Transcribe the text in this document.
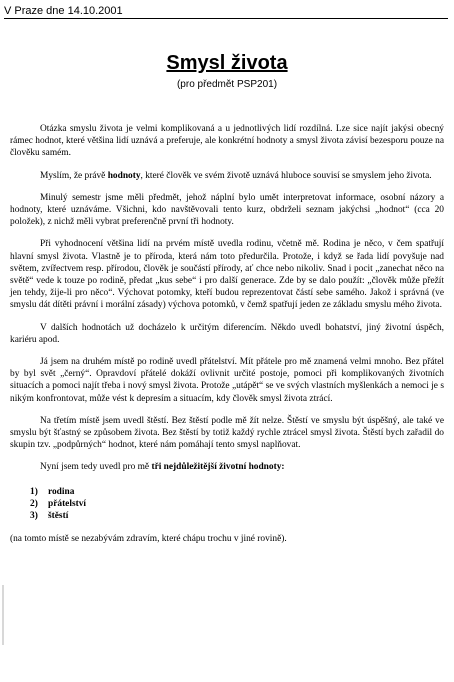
V Praze dne 14.10.2001
Smysl života
(pro předmět PSP201)

Otázka smyslu života je velmi komplikovaná a u jednotlivých lidí rozdílná. Lze sice najít jakýsi obecný rámec hodnot, které většina lidí uznává a preferuje, ale konkrétní hodnoty a smysl života závisí bezesporu pouze na člověku samém.

Myslím, že právě hodnoty, které člověk ve svém životě uznává hluboce souvisí se smyslem jeho života.

Minulý semestr jsme měli předmět, jehož náplní bylo umět interpretovat informace, osobní názory a hodnoty, které uznáváme. Všichni, kdo navštěvovali tento kurz, obdrželi seznam jakýchsi „hodnot“ (cca 20 položek), z nichž měli vybrat preferenčně první tři hodnoty.

Při vyhodnocení většina lidí na prvém místě uvedla rodinu, včetně mě. Rodina je něco, v čem spatřují hlavní smysl života. Vlastně je to příroda, která nám toto předurčila. Protože, i když se řada lidí povyšuje nad světem, zvířectvem resp. přírodou, člověk je součástí přírody, ať chce nebo nikoliv. Snad i pocit „zanechat něco na světě“ vede k touze po rodině, předat „kus sebe“ i pro další generace. Zde by se dalo použít: „člověk může přežít jen tehdy, žije-li pro něco“. Výchovat potomky, kteří budou reprezentovat částí sebe samého. Jakož i správná (ve smyslu dát dítěti právní i morální zásady) výchova potomků, v čemž spatřují jeden ze základu smyslu mého života.

V dalších hodnotách už docházelo k určitým diferencím. Někdo uvedl bohatství, jiný životní úspěch, kariéru apod.

Já jsem na druhém místě po rodině uvedl přátelství. Mít přátele pro mě znamená velmi mnoho. Bez přátel by byl svět „černý“. Opravdoví přátelé dokáží ovlivnit určité postoje, pomoci při komplikovaných životních situacích a pomoci najít třeba i nový smysl života. Protože „utápět“ se ve svých vlastních myšlenkách a nemoci je s nikým konfrontovat, může vést k depresím a situacím, kdy člověk smysl života ztrácí.

Na třetím místě jsem uvedl štěstí. Bez štěstí podle mě žít nelze. Štěstí ve smyslu být úspěšný, ale také ve smyslu být šťastný se způsobem života. Bez štěstí by totiž každý rychle ztrácel smysl života. Štěstí bych zařadil do skupin tzv. „podpůrných“ hodnot, které nám pomáhají tento smysl naplňovat.

Nyní jsem tedy uvedl pro mě tři nejdůležitější životní hodnoty:

1) rodina
2) přátelství
3) štěstí

(na tomto místě se nezabývám zdravím, které chápu trochu v jiné rovině).
